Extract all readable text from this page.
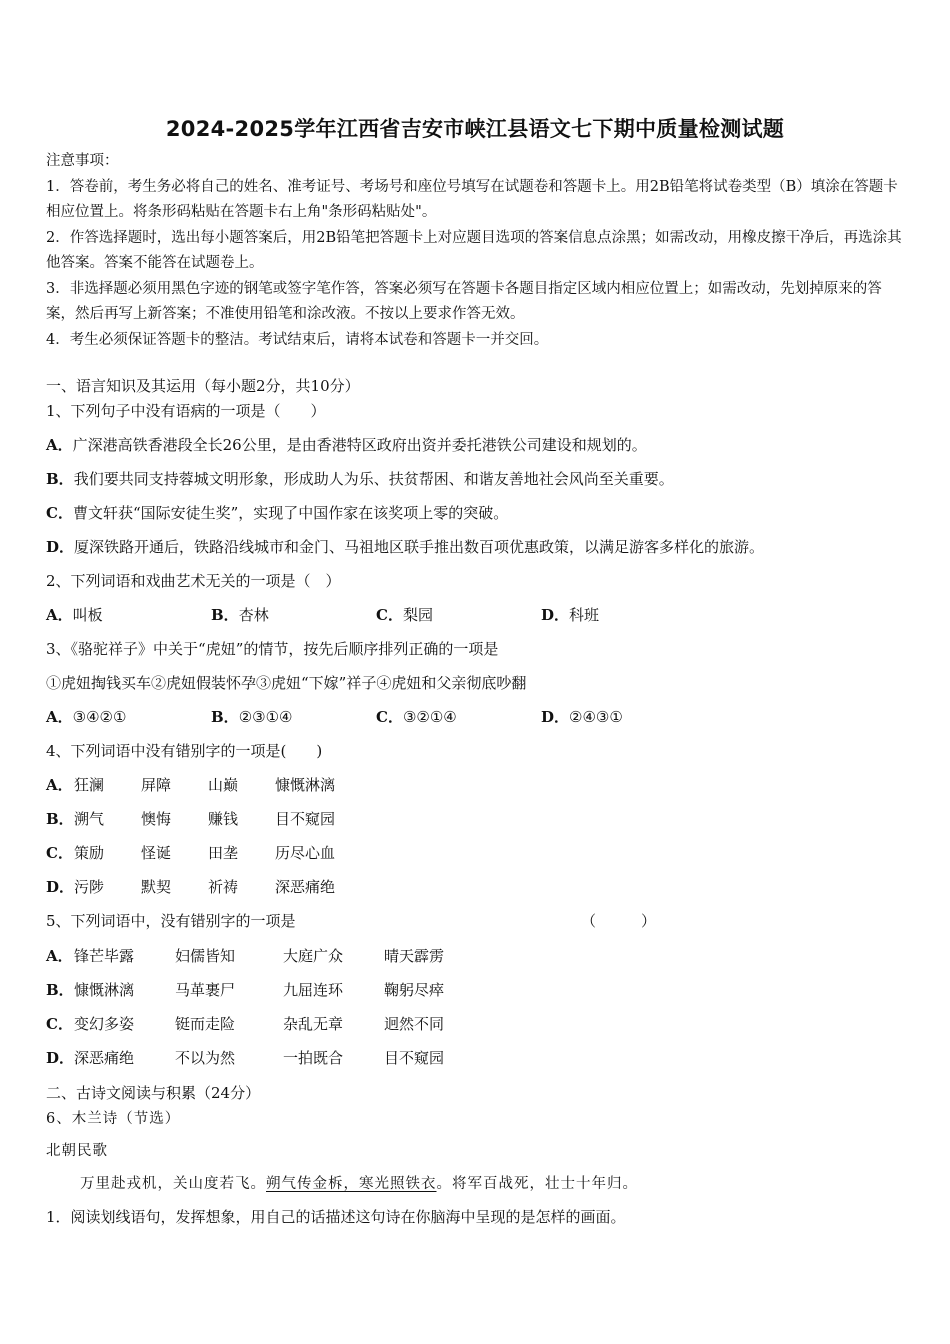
2024-2025学年江西省吉安市峡江县语文七下期中质量检测试题

注意事项：

1．答卷前，考生务必将自己的姓名、准考证号、考场号和座位号填写在试题卷和答题卡上。用2B铅笔将试卷类型（B）填涂在答题卡相应位置上。将条形码粘贴在答题卡右上角"条形码粘贴处"。

2．作答选择题时，选出每小题答案后，用2B铅笔把答题卡上对应题目选项的答案信息点涂黑；如需改动，用橡皮擦干净后，再选涂其他答案。答案不能答在试题卷上。

3．非选择题必须用黑色字迹的钢笔或签字笔作答，答案必须写在答题卡各题目指定区域内相应位置上；如需改动，先划掉原来的答案，然后再写上新答案；不准使用铅笔和涂改液。不按以上要求作答无效。

4．考生必须保证答题卡的整洁。考试结束后，请将本试卷和答题卡一并交回。

一、语言知识及其运用（每小题2分，共10分）
1、下列句子中没有语病的一项是（　　）
A．广深港高铁香港段全长26公里，是由香港特区政府出资并委托港铁公司建设和规划的。
B．我们要共同支持蓉城文明形象，形成助人为乐、扶贫帮困、和谐友善地社会风尚至关重要。
C．曹文轩获“国际安徒生奖”，实现了中国作家在该奖项上零的突破。
D．厦深铁路开通后，铁路沿线城市和金门、马祖地区联手推出数百项优惠政策，以满足游客多样化的旅游。
2、下列词语和戏曲艺术无关的一项是（　）
A．叫板	B．杏林	C．梨园	D．科班
3、《骆驼祥子》中关于“虎妞”的情节，按先后顺序排列正确的一项是
①虎妞掏钱买车②虎妞假装怀孕③虎妞“下嫁”祥子④虎妞和父亲彻底吵翻
A．③④②①	B．②③①④	C．③②①④	D．②④③①
4、下列词语中没有错别字的一项是(　　)
A．狂澜 屏障 山巅 慷慨淋漓
B．溯气 懊悔 赚钱 目不窥园
C．策励 怪诞 田垄 历尽心血
D．污陟 默契 祈祷 深恶痛绝
5、下列词语中，没有错别字的一项是	（　　　）
A．锋芒毕露	妇儒皆知	大庭广众	晴天霹雳
B．慷慨淋漓	马革裹尸	九屈连环	鞠躬尽瘁
C．变幻多姿	铤而走险	杂乱无章	迥然不同
D．深恶痛绝	不以为然	一拍既合	目不窥园
二、古诗文阅读与积累（24分）
6、木兰诗（节选）
北朝民歌
万里赴戎机，关山度若飞。朔气传金柝，寒光照铁衣。将军百战死，壮士十年归。
1．阅读划线语句，发挥想象，用自己的话描述这句诗在你脑海中呈现的是怎样的画面。
